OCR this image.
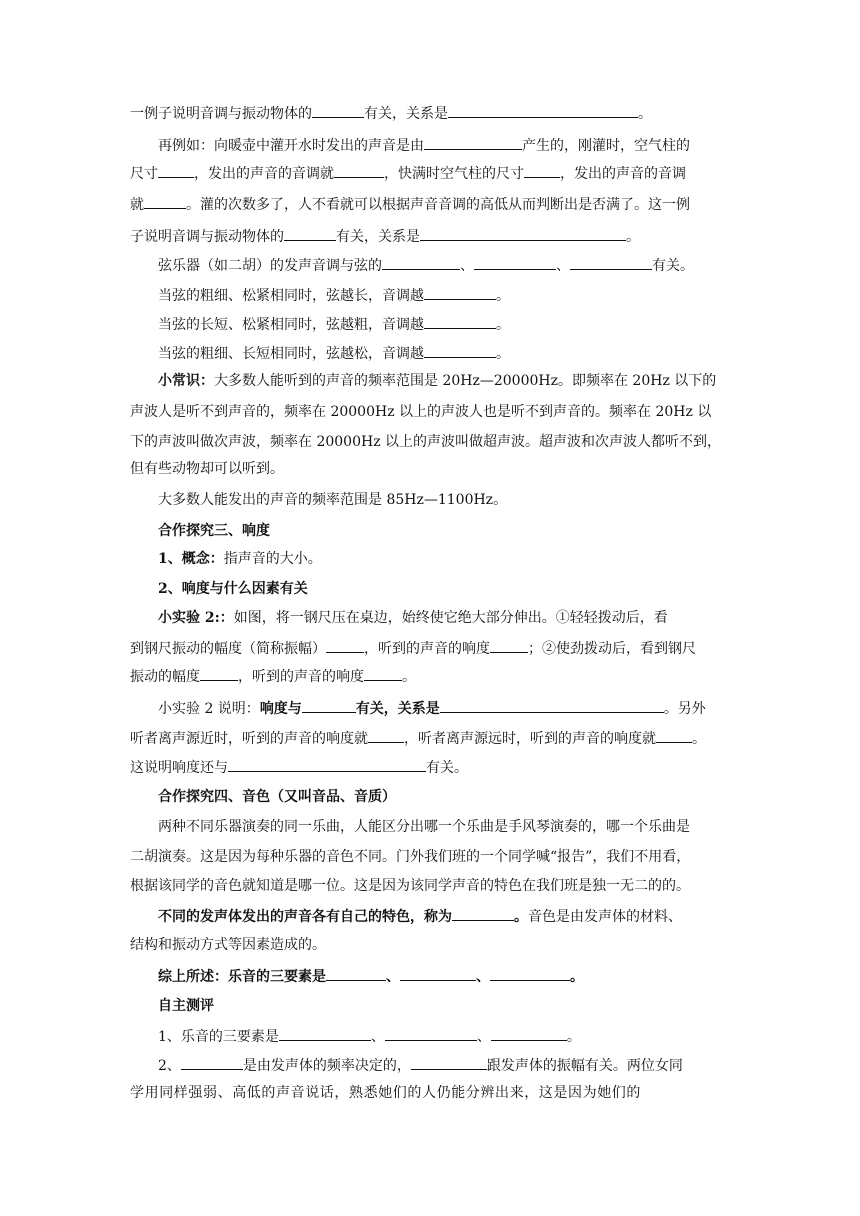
一例子说明音调与振动物体的	有关，关系是	。
再例如：向暖壶中灌开水时发出的声音是由	产生的，刚灌时，空气柱的
尺寸	，发出的声音的音调就	，快满时空气柱的尺寸	，发出的声音的音调
就	。灌的次数多了，人不看就可以根据声音音调的高低从而判断出是否满了。这一例
子说明音调与振动物体的	有关，关系是	。
弦乐器（如二胡）的发声音调与弦的	、	、	有关。
当弦的粗细、松紧相同时，弦越长，音调越	。
当弦的长短、松紧相同时，弦越粗，音调越	。
当弦的粗细、长短相同时，弦越松，音调越	。
小常识：大多数人能听到的声音的频率范围是 20Hz—20000Hz。即频率在 20Hz 以下的
声波人是听不到声音的，频率在 20000Hz 以上的声波人也是听不到声音的。频率在 20Hz 以
下的声波叫做次声波，频率在 20000Hz 以上的声波叫做超声波。超声波和次声波人都听不到，
但有些动物却可以听到。
大多数人能发出的声音的频率范围是 85Hz—1100Hz。
合作探究三、响度
1、概念：指声音的大小。
2、响度与什么因素有关
小实验 2:：如图，将一钢尺压在桌边，始终使它绝大部分伸出。①轻轻拨动后，看
到钢尺振动的幅度（简称振幅）	，听到的声音的响度	；②使劲拨动后，看到钢尺
振动的幅度	，听到的声音的响度	。
小实验 2 说明：响度与	有关，关系是	。另外
听者离声源近时，听到的声音的响度就	，听者离声源远时，听到的声音的响度就	。
这说明响度还与	有关。
合作探究四、音色（又叫音品、音质）
两种不同乐器演奏的同一乐曲，人能区分出哪一个乐曲是手风琴演奏的，哪一个乐曲是
二胡演奏。这是因为每种乐器的音色不同。门外我们班的一个同学喊“报告”，我们不用看，
根据该同学的音色就知道是哪一位。这是因为该同学声音的特色在我们班是独一无二的的。
不同的发声体发出的声音各有自己的特色，称为	。音色是由发声体的材料、
结构和振动方式等因素造成的。
综上所述：乐音的三要素是	、	、	。
自主测评
1、乐音的三要素是	、	、	。
2、	是由发声体的频率决定的，	跟发声体的振幅有关。两位女同
学用同样强弱、高低的声音说话，熟悉她们的人仍能分辨出来，这是因为她们的
